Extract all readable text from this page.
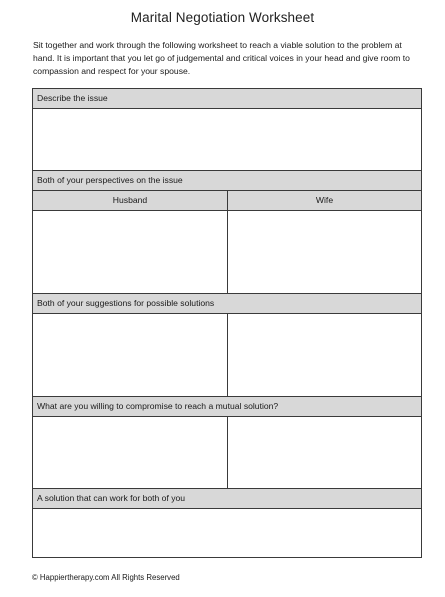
Marital Negotiation Worksheet
Sit together and work through the following worksheet to reach a viable solution to the problem at hand. It is important that you let go of judgemental and critical voices in your head and give room to compassion and respect for your spouse.
Describe the issue
Both of your perspectives on the issue
Husband	Wife
Both of your suggestions for possible solutions
What are you willing to compromise to reach a mutual solution?
A solution that can work for both of you
© Happiertherapy.com All Rights Reserved
